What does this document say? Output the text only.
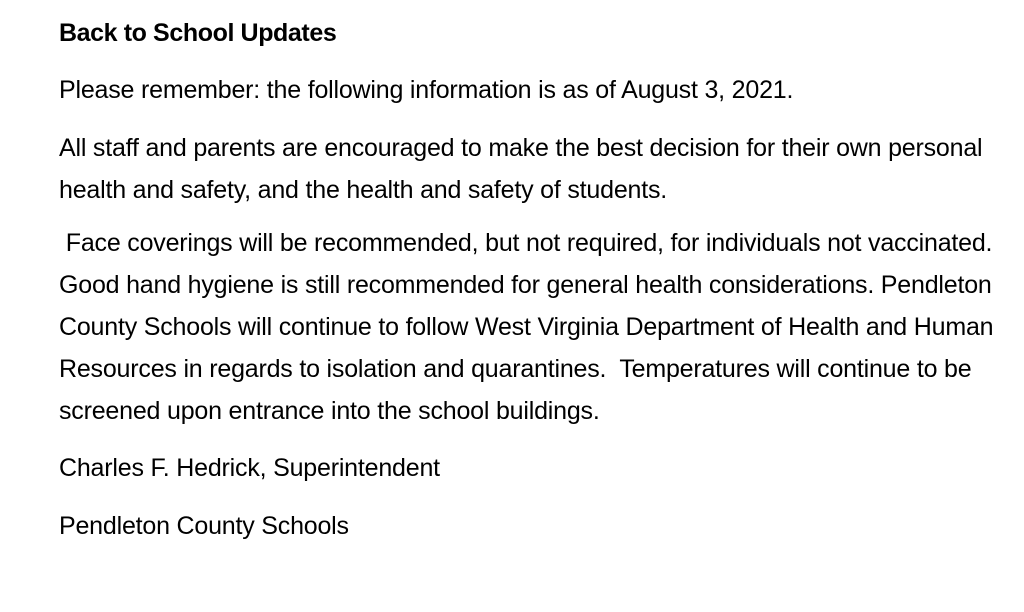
Back to School Updates

Please remember: the following information is as of August 3, 2021.

All staff and parents are encouraged to make the best decision for their own personal health and safety, and the health and safety of students.

Face coverings will be recommended, but not required, for individuals not vaccinated.   Good hand hygiene is still recommended for general health considerations. Pendleton County Schools will continue to follow West Virginia Department of Health and Human Resources in regards to isolation and quarantines.  Temperatures will continue to be screened upon entrance into the school buildings.

Charles F. Hedrick, Superintendent

Pendleton County Schools
